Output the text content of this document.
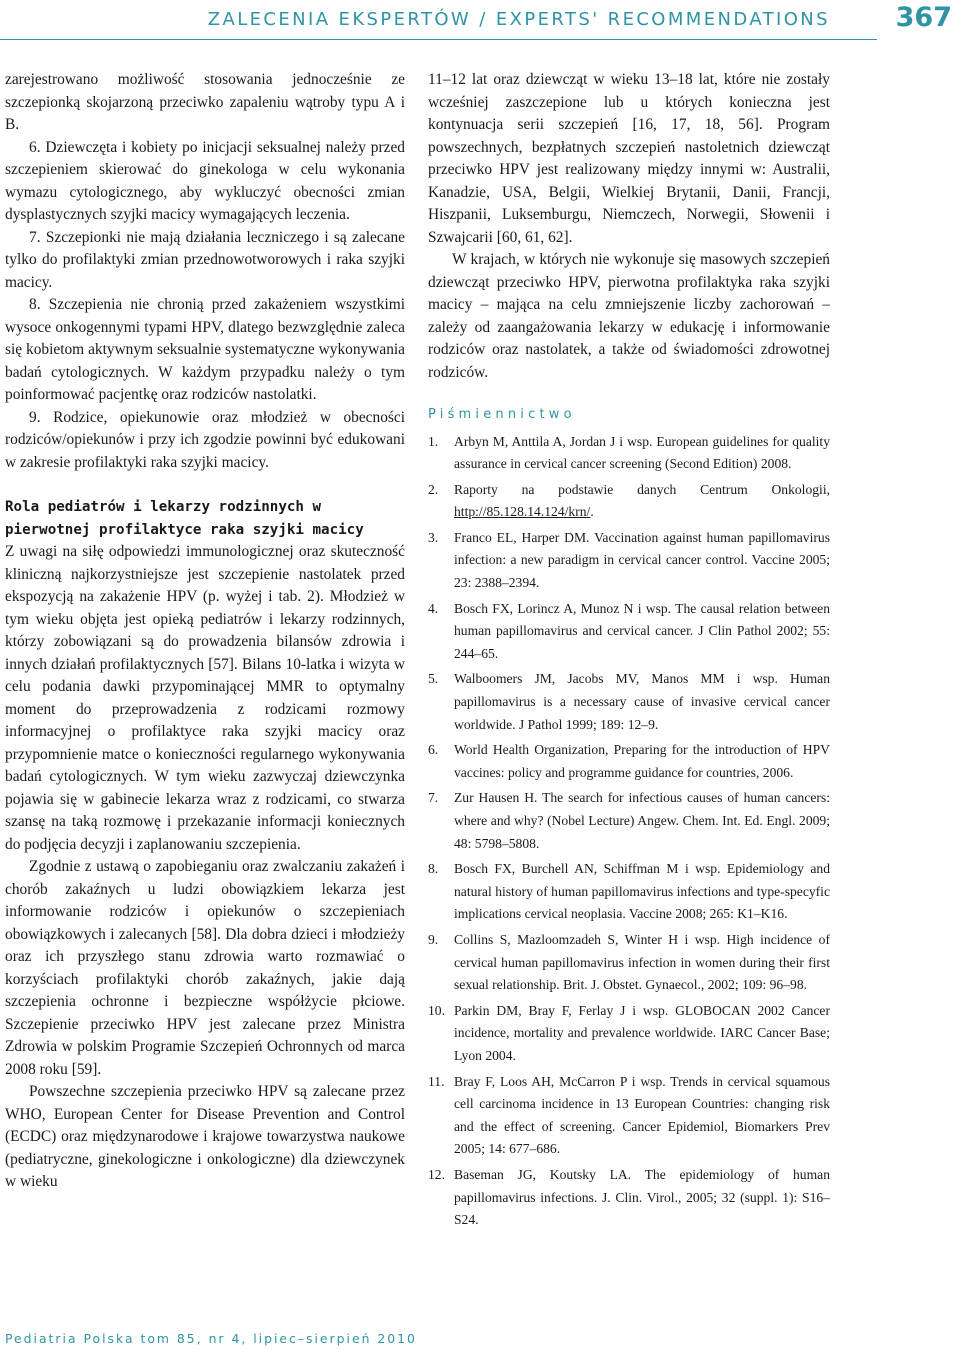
ZALECENIA EKSPERTÓW / EXPERTS' RECOMMENDATIONS 367

zarejestrowano możliwość stosowania jednocześnie ze szczepionką skojarzoną przeciwko zapaleniu wątroby typu A i B.

6. Dziewczęta i kobiety po inicjacji seksualnej należy przed szczepieniem skierować do ginekologa w celu wykonania wymazu cytologicznego, aby wykluczyć obecności zmian dysplastycznych szyjki macicy wymagających leczenia.

7. Szczepionki nie mają działania leczniczego i są zalecane tylko do profilaktyki zmian przednowotworowych i raka szyjki macicy.

8. Szczepienia nie chronią przed zakażeniem wszystkimi wysoce onkogennymi typami HPV, dlatego bezwzględnie zaleca się kobietom aktywnym seksualnie systematyczne wykonywania badań cytologicznych. W każdym przypadku należy o tym poinformować pacjentkę oraz rodziców nastolatki.

9. Rodzice, opiekunowie oraz młodzież w obecności rodziców/opiekunów i przy ich zgodzie powinni być edukowani w zakresie profilaktyki raka szyjki macicy.

Rola pediatrów i lekarzy rodzinnych w pierwotnej profilaktyce raka szyjki macicy

Z uwagi na siłę odpowiedzi immunologicznej oraz skuteczność kliniczną najkorzystniejsze jest szczepienie nastolatek przed ekspozycją na zakażenie HPV (p. wyżej i tab. 2). Młodzież w tym wieku objęta jest opieką pediatrów i lekarzy rodzinnych, którzy zobowiązani są do prowadzenia bilansów zdrowia i innych działań profilaktycznych [57]. Bilans 10-latka i wizyta w celu podania dawki przypominającej MMR to optymalny moment do przeprowadzenia z rodzicami rozmowy informacyjnej o profilaktyce raka szyjki macicy oraz przypomnienie matce o konieczności regularnego wykonywania badań cytologicznych. W tym wieku zazwyczaj dziewczynka pojawia się w gabinecie lekarza wraz z rodzicami, co stwarza szansę na taką rozmowę i przekazanie informacji koniecznych do podjęcia decyzji i zaplanowaniu szczepienia.

Zgodnie z ustawą o zapobieganiu oraz zwalczaniu zakażeń i chorób zakaźnych u ludzi obowiązkiem lekarza jest informowanie rodziców i opiekunów o szczepieniach obowiązkowych i zalecanych [58]. Dla dobra dzieci i młodzieży oraz ich przyszłego stanu zdrowia warto rozmawiać o korzyściach profilaktyki chorób zakaźnych, jakie dają szczepienia ochronne i bezpieczne współżycie płciowe. Szczepienie przeciwko HPV jest zalecane przez Ministra Zdrowia w polskim Programie Szczepień Ochronnych od marca 2008 roku [59].

Powszechne szczepienia przeciwko HPV są zalecane przez WHO, European Center for Disease Prevention and Control (ECDC) oraz międzynarodowe i krajowe towarzystwa naukowe (pediatryczne, ginekologiczne i onkologiczne) dla dziewczynek w wieku

11–12 lat oraz dziewcząt w wieku 13–18 lat, które nie zostały wcześniej zaszczepione lub u których konieczna jest kontynuacja serii szczepień [16, 17, 18, 56]. Program powszechnych, bezpłatnych szczepień nastoletnich dziewcząt przeciwko HPV jest realizowany między innymi w: Australii, Kanadzie, USA, Belgii, Wielkiej Brytanii, Danii, Francji, Hiszpanii, Luksemburgu, Niemczech, Norwegii, Słowenii i Szwajcarii [60, 61, 62].

W krajach, w których nie wykonuje się masowych szczepień dziewcząt przeciwko HPV, pierwotna profilaktyka raka szyjki macicy – mająca na celu zmniejszenie liczby zachorowań – zależy od zaangażowania lekarzy w edukację i informowanie rodziców oraz nastolatek, a także od świadomości zdrowotnej rodziców.

Piśmiennictwo
1. Arbyn M, Anttila A, Jordan J i wsp. European guidelines for quality assurance in cervical cancer screening (Second Edition) 2008.
2. Raporty na podstawie danych Centrum Onkologii, http://85.128.14.124/krn/.
3. Franco EL, Harper DM. Vaccination against human papillomavirus infection: a new paradigm in cervical cancer control. Vaccine 2005; 23: 2388–2394.
4. Bosch FX, Lorincz A, Munoz N i wsp. The causal relation between human papillomavirus and cervical cancer. J Clin Pathol 2002; 55: 244–65.
5. Walboomers JM, Jacobs MV, Manos MM i wsp. Human papillomavirus is a necessary cause of invasive cervical cancer worldwide. J Pathol 1999; 189: 12–9.
6. World Health Organization, Preparing for the introduction of HPV vaccines: policy and programme guidance for countries, 2006.
7. Zur Hausen H. The search for infectious causes of human cancers: where and why? (Nobel Lecture) Angew. Chem. Int. Ed. Engl. 2009; 48: 5798–5808.
8. Bosch FX, Burchell AN, Schiffman M i wsp. Epidemiology and natural history of human papillomavirus infections and type-specyfic implications cervical neoplasia. Vaccine 2008; 265: K1–K16.
9. Collins S, Mazloomzadeh S, Winter H i wsp. High incidence of cervical human papillomavirus infection in women during their first sexual relationship. Brit. J. Obstet. Gynaecol., 2002; 109: 96–98.
10. Parkin DM, Bray F, Ferlay J i wsp. GLOBOCAN 2002 Cancer incidence, mortality and prevalence worldwide. IARC Cancer Base; Lyon 2004.
11. Bray F, Loos AH, McCarron P i wsp. Trends in cervical squamous cell carcinoma incidence in 13 European Countries: changing risk and the effect of screening. Cancer Epidemiol, Biomarkers Prev 2005; 14: 677–686.
12. Baseman JG, Koutsky LA. The epidemiology of human papillomavirus infections. J. Clin. Virol., 2005; 32 (suppl. 1): S16–S24.
Pediatria Polska tom 85, nr 4, lipiec–sierpień 2010
